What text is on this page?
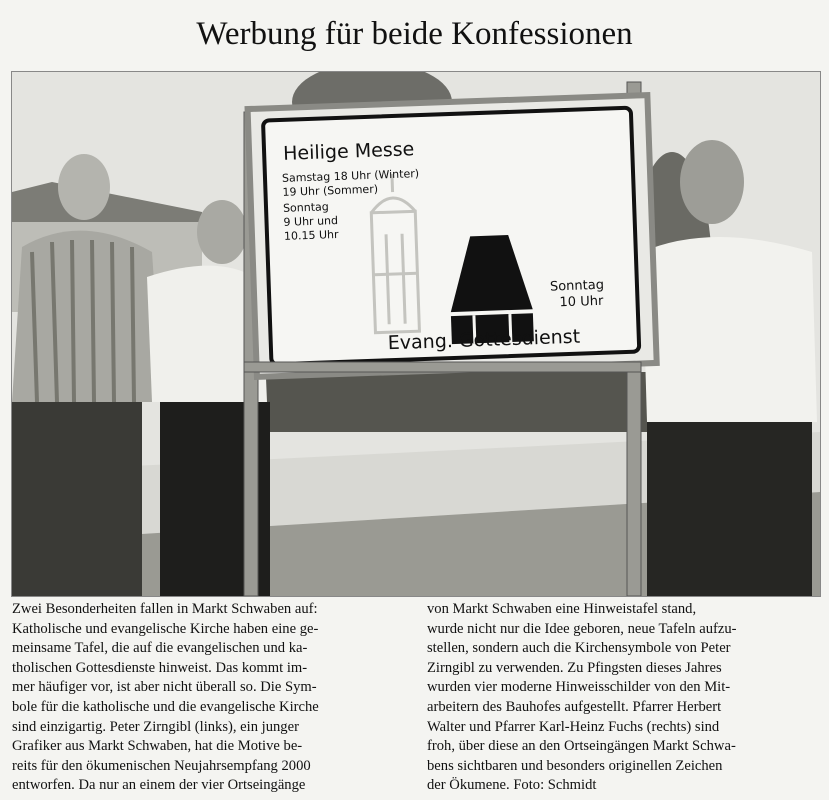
Werbung für beide Konfessionen
Heilige Messe
Samstag 18 Uhr (Winter)
19 Uhr (Sommer)
Sonntag
9 Uhr und
10.15 Uhr
Sonntag
10 Uhr
Evang. Gottesdienst
Zwei Besonderheiten fallen in Markt Schwaben auf:
Katholische und evangelische Kirche haben eine ge-
meinsame Tafel, die auf die evangelischen und ka-
tholischen Gottesdienste hinweist. Das kommt im-
mer häufiger vor, ist aber nicht überall so. Die Sym-
bole für die katholische und die evangelische Kirche
sind einzigartig. Peter Zirngibl (links), ein junger
Grafiker aus Markt Schwaben, hat die Motive be-
reits für den ökumenischen Neujahrsempfang 2000
entworfen. Da nur an einem der vier Ortseingänge
von Markt Schwaben eine Hinweistafel stand,
wurde nicht nur die Idee geboren, neue Tafeln aufzu-
stellen, sondern auch die Kirchensymbole von Peter
Zirngibl zu verwenden. Zu Pfingsten dieses Jahres
wurden vier moderne Hinweisschilder von den Mit-
arbeitern des Bauhofes aufgestellt. Pfarrer Herbert
Walter und Pfarrer Karl-Heinz Fuchs (rechts) sind
froh, über diese an den Ortseingängen Markt Schwa-
bens sichtbaren und besonders originellen Zeichen
der Ökumene. Foto: Schmidt
